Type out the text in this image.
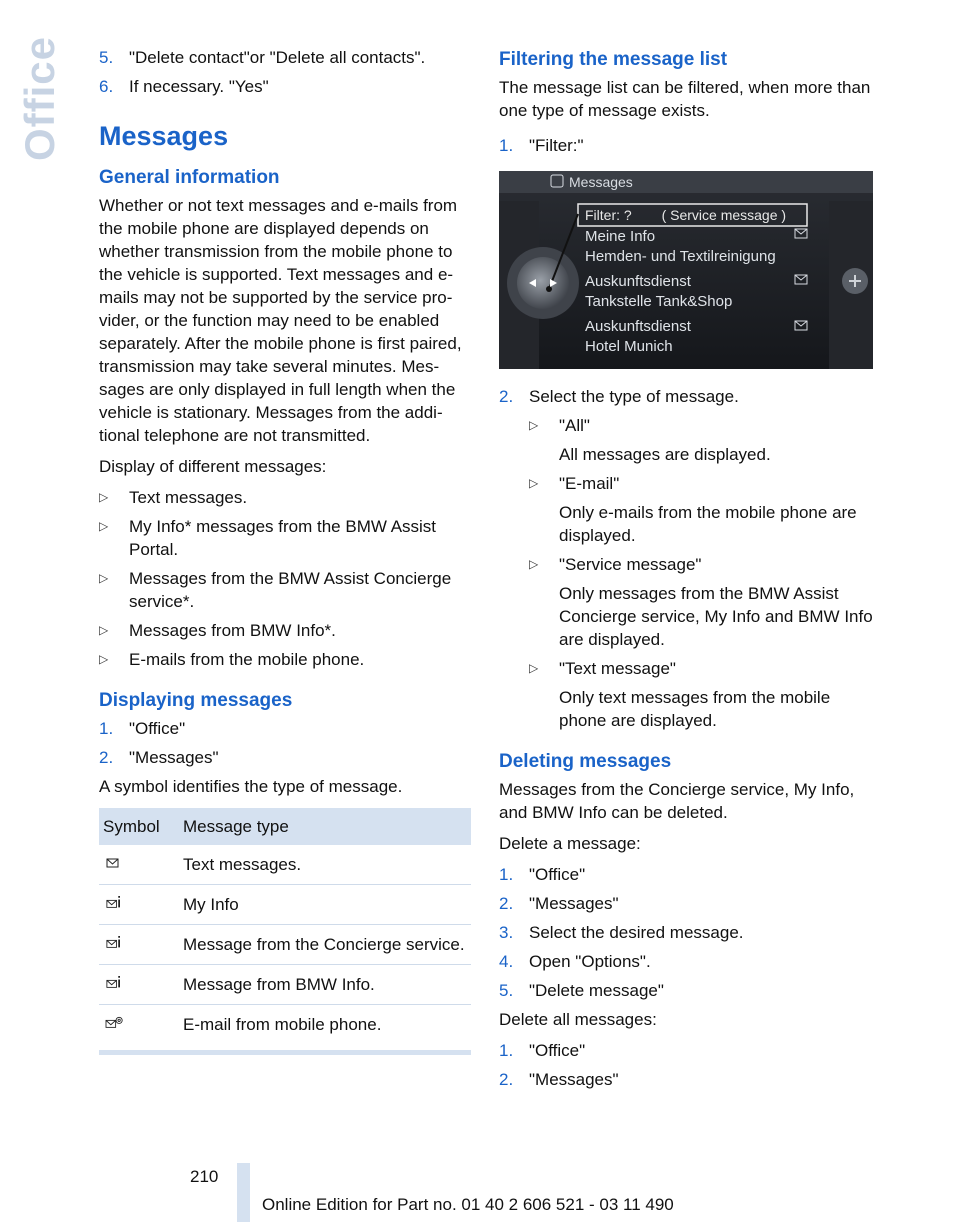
Office 5. "Delete contact"or "Delete all contacts".
6. If necessary. "Yes"
Messages
General information

Whether or not text messages and e-mails from the mobile phone are displayed depends on whether transmission from the mobile phone to the vehicle is supported. Text messages and e-mails may not be supported by the service provider, or the function may need to be enabled separately. After the mobile phone is first paired, transmission may take several minutes. Messages are only displayed in full length when the vehicle is stationary. Messages from the additional telephone are not transmitted.

Display of different messages:

▷	Text messages.
▷	My Info* messages from the BMW Assist Portal.
▷	Messages from the BMW Assist Concierge service*.
▷	Messages from BMW Info*.
▷	E-mails from the mobile phone.
Displaying messages
1. "Office"
2. "Messages"

A symbol identifies the type of message.

Symbol	Message type
	Text messages.
	My Info
	Message from the Concierge service.
	Message from BMW Info.
	E-mail from mobile phone.
Filtering the message list

The message list can be filtered, when more than one type of message exists.

1. "Filter:"
Messages
Filter: ? ( Service message )
Meine Info
Hemden- und Textilreinigung
Auskunftsdienst
Tankstelle Tank&Shop
Auskunftsdienst
Hotel Munich
2. Select the type of message.
▷	"All"
All messages are displayed.
▷	"E-mail"
Only e-mails from the mobile phone are displayed.
▷	"Service message"
Only messages from the BMW Assist Concierge service, My Info and BMW Info are displayed.
▷	"Text message"
Only text messages from the mobile phone are displayed.
Deleting messages

Messages from the Concierge service, My Info, and BMW Info can be deleted.

Delete a message:

1. "Office"
2. "Messages"
3. Select the desired message.
4. Open "Options".
5. "Delete message"

Delete all messages:

1. "Office"
2. "Messages"
210
Online Edition for Part no. 01 40 2 606 521 - 03 11 490
